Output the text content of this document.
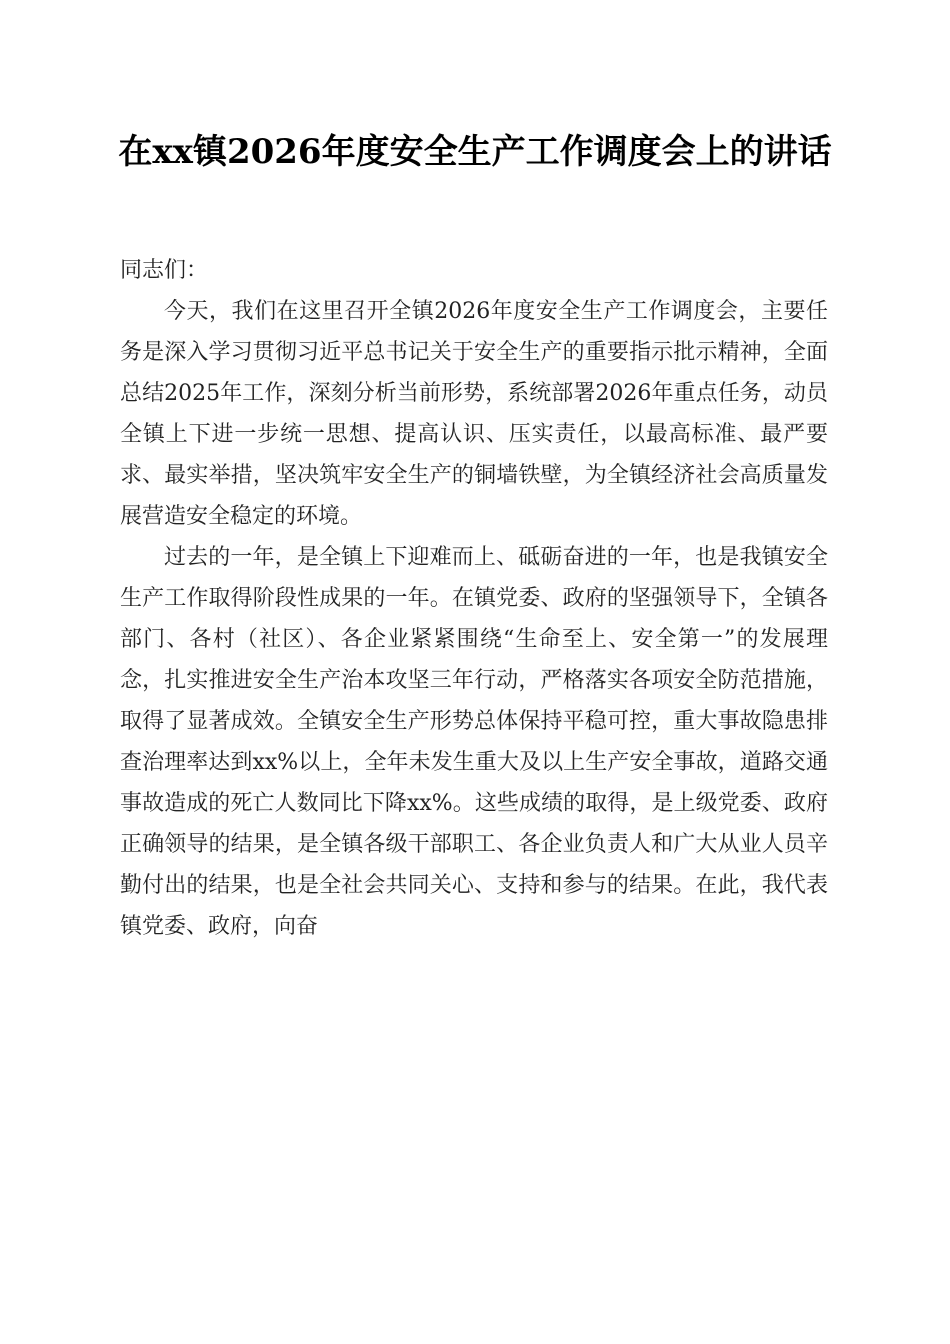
在xx镇2026年度安全生产工作调度会上的讲话

同志们：

今天，我们在这里召开全镇2026年度安全生产工作调度会，主要任务是深入学习贯彻习近平总书记关于安全生产的重要指示批示精神，全面总结2025年工作，深刻分析当前形势，系统部署2026年重点任务，动员全镇上下进一步统一思想、提高认识、压实责任，以最高标准、最严要求、最实举措，坚决筑牢安全生产的铜墙铁壁，为全镇经济社会高质量发展营造安全稳定的环境。

过去的一年，是全镇上下迎难而上、砥砺奋进的一年，也是我镇安全生产工作取得阶段性成果的一年。在镇党委、政府的坚强领导下，全镇各部门、各村（社区）、各企业紧紧围绕“生命至上、安全第一”的发展理念，扎实推进安全生产治本攻坚三年行动，严格落实各项安全防范措施，取得了显著成效。全镇安全生产形势总体保持平稳可控，重大事故隐患排查治理率达到xx%以上，全年未发生重大及以上生产安全事故，道路交通事故造成的死亡人数同比下降xx%。这些成绩的取得，是上级党委、政府正确领导的结果，是全镇各级干部职工、各企业负责人和广大从业人员辛勤付出的结果，也是全社会共同关心、支持和参与的结果。在此，我代表镇党委、政府，向奋
